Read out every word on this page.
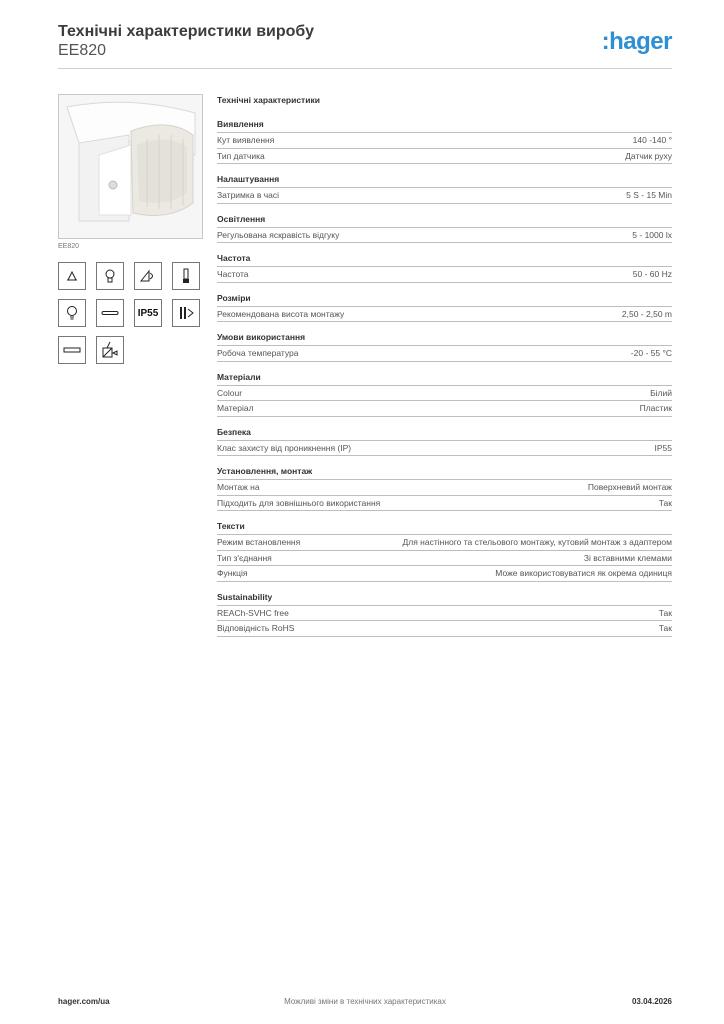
Технічні характеристики виробу
EE820	:hager
EE820
IP55
Технічні характеристики
Виявлення
Кут виявлення	140 -140 °
Тип датчика	Датчик руху
Налаштування
Затримка в часі	5 S - 15 Min
Освітлення
Регульована яскравість відгуку	5 - 1000 lx
Частота
Частота	50 - 60 Hz
Розміри
Рекомендована висота монтажу	2,50 - 2,50 m
Умови використання
Робоча температура	-20 - 55 °C
Матеріали
Colour	Білий
Матеріал	Пластик
Безпека
Клас захисту від проникнення (IP)	IP55
Установлення, монтаж
Монтаж на	Поверхневий монтаж
Підходить для зовнішнього використання	Так
Тексти
Режим встановлення	Для настінного та стельового монтажу, кутовий монтаж з адаптером
Тип з'єднання	Зі вставними клемами
Функція	Може використовуватися як окрема одиниця
Sustainability
REACh-SVHC free	Так
Відповідність RoHS	Так
hager.com/ua	Можливі зміни в технічних характеристиках	03.04.2026
